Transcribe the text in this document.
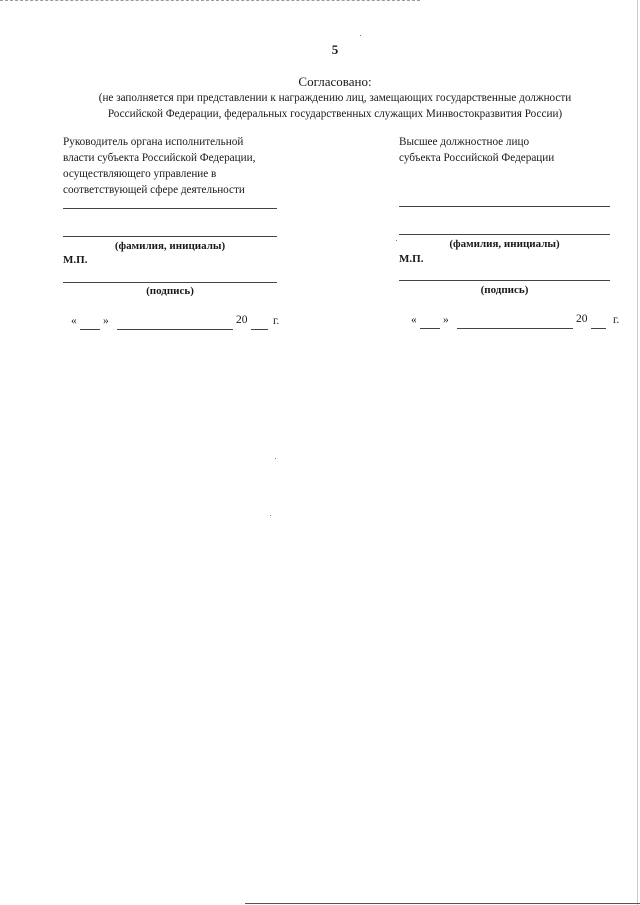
5
Согласовано:
(не заполняется при представлении к награждению лиц, замещающих государственные должности
Российской Федерации, федеральных государственных служащих Минвостокразвития России)
Руководитель органа исполнительной
власти субъекта Российской Федерации,
осуществляющего управление в
соответствующей сфере деятельности
(фамилия, инициалы)
М.П.
(подпись)
« »	20 г.
Высшее должностное лицо
субъекта Российской Федерации
(фамилия, инициалы)
М.П.
(подпись)
« »	20 г.
